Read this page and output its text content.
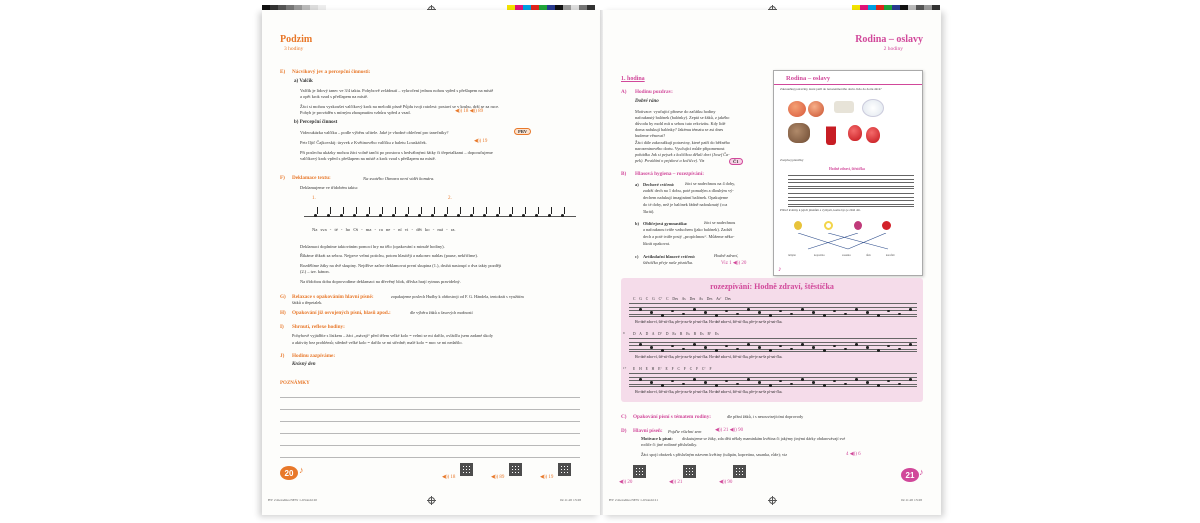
Podzim
3 hodiny
E) Nácvikový jev a percepční činnosti:
a) Valčík
Valčík je lidový tanec ve 3/4 taktu. Pohybově zvládnutí – vykročení jednou nohou vpřed s přešlapem na místě
a opět krok vzad s přešlapem na místě.
Žáci si mohou vyzkoušet valčíkový krok na melodii písně Půjdu tvoji ratolest: postaví se v kruhu, drží se za ruce.
Pohyb je prováděn s mírným zhoupnutím vzhůru vpřed a vzad.	◀)) 18 ◀)) 89
b) Percepční činnost
Videoukázka valčíku – podle výběru učitele. Jaké je vhodné oblečení pro tanečníky?	PRV
Petr Iljič Čajkovskij: úryvek z Květinového valčíku z baletu Louskáček.	◀)) 19
Při poslechu ukázky mohou žáci volně tančit po prostoru s hedvábnými šátky či třepetalkami – doporučujeme
valčíkový krok vpřed s přešlapem na místě a krok vzad s přešlapem na místě.
F) Deklamace textu:	Na svatého Otmara není vidět komára.
Deklamujeme ve třídobém taktu:
1.	2.
Na sva - té - ho Ot - ma - ra ne - ní vi - dět ko - má - ra.
Deklamaci doplníme taktováním pomocí hry na tělo (opakování z minulé hodiny).
Říkáme třikrát za sebou. Nejprve velmi potichu, potom hlasitěji a nakonec nahlas (pause, nekřičíme).
Rozdělíme žáky na dvě skupiny. Nejdříve začne deklamovat první skupina (1.), druhá nastoupí o dva takty později
(2.) – tzv. kánon.
Na třídobou dobu doprovodíme deklamaci na dřevěný blok, dřívka hrají rytmus pravidelný.
G) Relaxace s opakováním hlavní písně:	zopakujeme poslech Hudby k ohňostroji od F. G. Händela, tentokrát s využitím
šátků a třepetalek.
H) Opakování již osvojených písní, hlasů apod.:	dle výběru žáků a časových možností
I) Shrnutí, reflexe hodiny:
Pohybově vyjádříte s lístkem – žáci „mávají“ před tělem velké kolo = velmi se mi dařilo, ovládl/a jsem zadané úkoly
a aktivity bez problémů; středně velké kolo = dařilo se mi středně; malé kolo = moc se mi nedařilo.
J) Hodinu zazpíváme:
Krásný den
POZNÁMKY
20 ♪
◀)) 18	◀)) 89	◀)) 19
HV 2 metodika NEW 1-63.indd 20	02.11.20 13:28
Rodina – oslavy
2 hodiny
1. hodina
A) Hodinu pozdrav:
Dobré ráno
Motivace: vyučující přinese do začátku hodiny
nafouknutý balónek (balónky). Zeptá se žáků, z jakého
důvodu by mohl mít u sebou tuto rekvizitu. Kdy lidé
doma nafukují balónky? Jakému tématu se asi dnes
budeme věnovat?
Žáci dále zakroužkují potraviny, které patří do běžného
narozeninového dortu. Vyučující může připomenout
pohádku Jak si pejsek s kočičkou dělali dort (Josef Ča-
pek). Povídání o pejskovi a kočičce). Viz	Č1
B) Hlasová hygiena – rozezpívání:
a) Dechové cvičení: žáci se nadechnou na 4 doby,
zadrží dech na 1 dobu, poté pomalým a dlouhým vý-
dechem nafukují imaginární balónek. Opakujeme
do té doby, než je balónek řádně nafouknutý (cca
5krát).
b) Obličejová gymnastika:	žáci se nadechnou
a nafouknou tváře vzduchem (jako balónek). Zadrží
dech a poté tváře prstý „propíchnou“. Můžeme něko-
likrát opakovat.
c) Artikulační hlasové cvičení:	Hodně zdraví,
štěstíčka přeje naše písnička.	Viz 1 ◀)) 20
Rodina – oslavy
Zakroužkuj potraviny, které patří do narozeninového dortu. Kdo do dortu dává?
Zazpívej písničky
Hodně zdraví, štěstíčka
Přiřaď květiny k jejich jménům a vymysli, komu bys je chtěl dát.
tulipán	kopretina	sasanka	růže	karafiát
♪
rozezpívání: Hodně zdraví, štěstíčka
C G C G C⁷ C Des As Des As Des As⁷ Des
Ho-dně zdra-ví, ště-stí-čka, pře-je na-še pí-sni-čka. Ho-dně zdra-ví, ště-stí-čka, pře-je na-še pí-sni-čka.
9 D A D A D⁷ D Es B Es B Es B⁷ Es
Ho-dně zdra-ví, ště-stí-čka, pře-je na-še pí-sni-čka. Ho-dně zdra-ví, ště-stí-čka, pře-je na-še pí-sni-čka.
17 E H E H E⁷ E F C F C F C⁷ F
Ho-dně zdra-ví, ště-stí-čka, pře-je na-še pí-sni-čka. Ho-dně zdra-ví, ště-stí-čka, pře-je na-še pí-sni-čka.
C) Opakování písní s tématem rodiny:	dle přání žáků, i s nesouvisejícími doprovody
D) Hlavní píseň: Pojďte všichni sem	◀)) 21 ◀)) 90
Motivace k písni: diskutujeme se žáky, zda děti někdy maminkám květina či jakýmy jinými dárky obdarovávají své
rodiče či jiné rodinné příslušníky.
Žáci spojí obrázek s příslušným názvem květiny (tulipán, kopretina, sasanka, růže); viz	4 ◀)) 6
◀)) 20	◀)) 21	◀)) 90
21 ♪
HV 2 metodika NEW 1-63.indd 21	02.11.20 13:28
